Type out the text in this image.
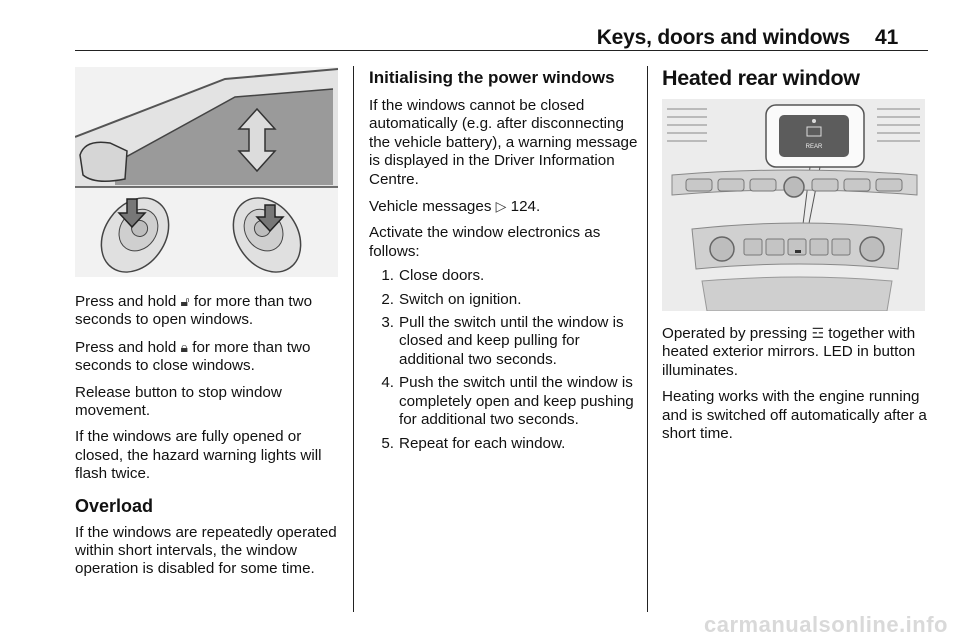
Keys, doors and windows 41

Press and hold 🔓︎ for more than two seconds to open windows.

Press and hold 🔒︎ for more than two seconds to close windows.

Release button to stop window movement.

If the windows are fully opened or closed, the hazard warning lights will flash twice.

Overload

If the windows are repeatedly operated within short intervals, the window operation is disabled for some time.

Initialising the power windows

If the windows cannot be closed automatically (e.g. after disconnecting the vehicle battery), a warning message is displayed in the Driver Information Centre.

Vehicle messages ▷ 124.

Activate the window electronics as follows:

1. Close doors.
2. Switch on ignition.
3. Pull the switch until the window is closed and keep pulling for additional two seconds.
4. Push the switch until the window is completely open and keep pushing for additional two seconds.
5. Repeat for each window.
Heated rear window
REAR

Operated by pressing ☲ together with heated exterior mirrors. LED in button illuminates.

Heating works with the engine running and is switched off automatically after a short time.

carmanualsonline.info
